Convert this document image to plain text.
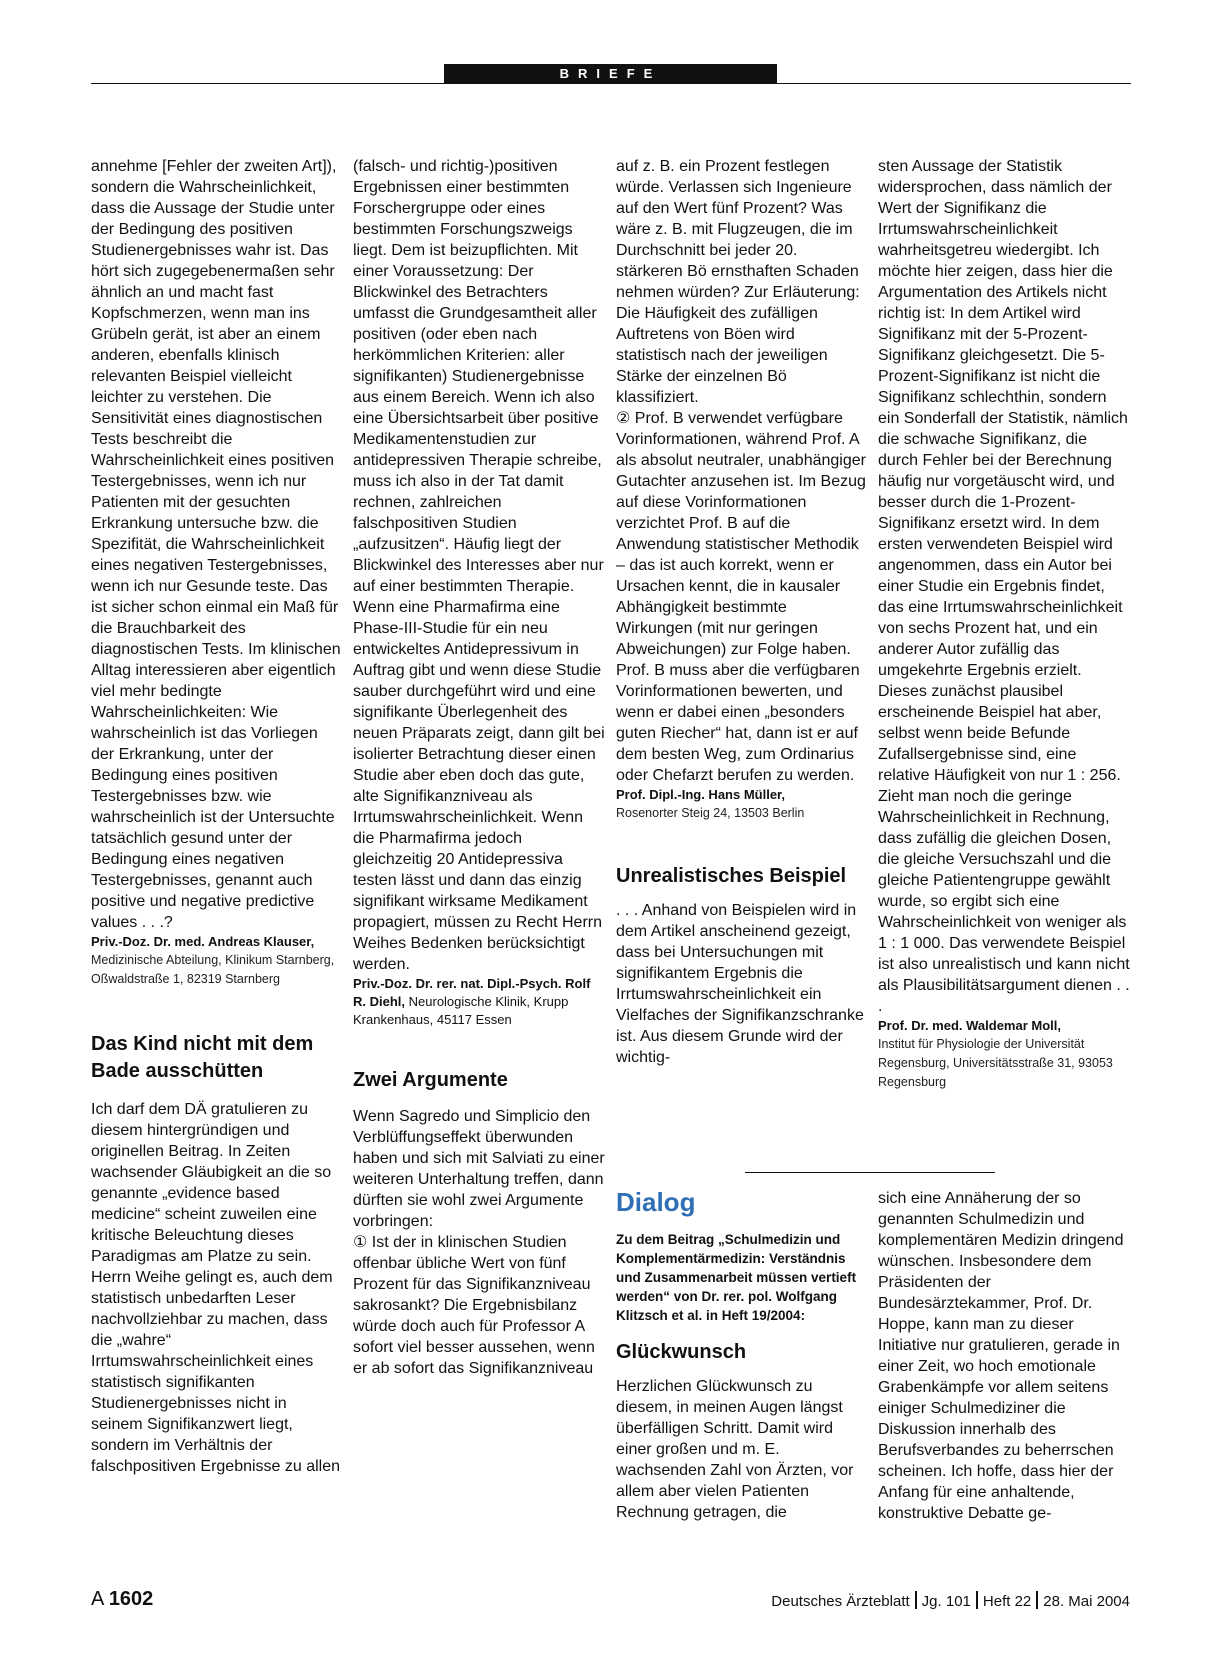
BRIEFE

annehme [Fehler der zweiten Art]), sondern die Wahrscheinlichkeit, dass die Aussage der Studie unter der Bedingung des positiven Studienergebnisses wahr ist. Das hört sich zugegebenermaßen sehr ähnlich an und macht fast Kopfschmerzen, wenn man ins Grübeln gerät, ist aber an einem anderen, ebenfalls klinisch relevanten Beispiel vielleicht leichter zu verstehen. Die Sensitivität eines diagnostischen Tests beschreibt die Wahrscheinlichkeit eines positiven Testergebnisses, wenn ich nur Patienten mit der gesuchten Erkrankung untersuche bzw. die Spezifität, die Wahrscheinlichkeit eines negativen Testergebnisses, wenn ich nur Gesunde teste. Das ist sicher schon einmal ein Maß für die Brauchbarkeit des diagnostischen Tests. Im klinischen Alltag interessieren aber eigentlich viel mehr bedingte Wahrscheinlichkeiten: Wie wahrscheinlich ist das Vorliegen der Erkrankung, unter der Bedingung eines positiven Testergebnisses bzw. wie wahrscheinlich ist der Untersuchte tatsächlich gesund unter der Bedingung eines negativen Testergebnisses, genannt auch positive und negative predictive values . . .?

Priv.-Doz. Dr. med. Andreas Klauser,

Medizinische Abteilung, Klinikum Starnberg, Oßwaldstraße 1, 82319 Starnberg

Das Kind nicht mit dem Bade ausschütten

Ich darf dem DÄ gratulieren zu diesem hintergründigen und originellen Beitrag. In Zeiten wachsender Gläubigkeit an die so genannte „evidence based medicine“ scheint zuweilen eine kritische Beleuchtung dieses Paradigmas am Platze zu sein.

Herrn Weihe gelingt es, auch dem statistisch unbedarften Leser nachvollziehbar zu machen, dass die „wahre“ Irrtumswahrscheinlichkeit eines statistisch signifikanten Studienergebnisses nicht in seinem Signifikanzwert liegt, sondern im Verhältnis der falschpositiven Ergebnisse zu allen

(falsch- und richtig-)positiven Ergebnissen einer bestimmten Forschergruppe oder eines bestimmten Forschungszweigs liegt. Dem ist beizupflichten. Mit einer Voraussetzung: Der Blickwinkel des Betrachters umfasst die Grundgesamtheit aller positiven (oder eben nach herkömmlichen Kriterien: aller signifikanten) Studienergebnisse aus einem Bereich. Wenn ich also eine Übersichtsarbeit über positive Medikamentenstudien zur antidepressiven Therapie schreibe, muss ich also in der Tat damit rechnen, zahlreichen falschpositiven Studien „aufzusitzen“. Häufig liegt der Blickwinkel des Interesses aber nur auf einer bestimmten Therapie. Wenn eine Pharmafirma eine Phase-III-Studie für ein neu entwickeltes Antidepressivum in Auftrag gibt und wenn diese Studie sauber durchgeführt wird und eine signifikante Überlegenheit des neuen Präparats zeigt, dann gilt bei isolierter Betrachtung dieser einen Studie aber eben doch das gute, alte Signifikanzniveau als Irrtumswahrscheinlichkeit. Wenn die Pharmafirma jedoch gleichzeitig 20 Antidepressiva testen lässt und dann das einzig signifikant wirksame Medikament propagiert, müssen zu Recht Herrn Weihes Bedenken berücksichtigt werden.

Priv.-Doz. Dr. rer. nat. Dipl.-Psych. Rolf R. Diehl, Neurologische Klinik, Krupp Krankenhaus, 45117 Essen

Zwei Argumente

Wenn Sagredo und Simplicio den Verblüffungseffekt überwunden haben und sich mit Salviati zu einer weiteren Unterhaltung treffen, dann dürften sie wohl zwei Argumente vorbringen:

① Ist der in klinischen Studien offenbar übliche Wert von fünf Prozent für das Signifikanzniveau sakrosankt? Die Ergebnisbilanz würde doch auch für Professor A sofort viel besser aussehen, wenn er ab sofort das Signifikanzniveau

auf z. B. ein Prozent festlegen würde. Verlassen sich Ingenieure auf den Wert fünf Prozent? Was wäre z. B. mit Flugzeugen, die im Durchschnitt bei jeder 20. stärkeren Bö ernsthaften Schaden nehmen würden? Zur Erläuterung: Die Häufigkeit des zufälligen Auftretens von Böen wird statistisch nach der jeweiligen Stärke der einzelnen Bö klassifiziert.

② Prof. B verwendet verfügbare Vorinformationen, während Prof. A als absolut neutraler, unabhängiger Gutachter anzusehen ist. Im Bezug auf diese Vorinformationen verzichtet Prof. B auf die Anwendung statistischer Methodik – das ist auch korrekt, wenn er Ursachen kennt, die in kausaler Abhängigkeit bestimmte Wirkungen (mit nur geringen Abweichungen) zur Folge haben. Prof. B muss aber die verfügbaren Vorinformationen bewerten, und wenn er dabei einen „besonders guten Riecher“ hat, dann ist er auf dem besten Weg, zum Ordinarius oder Chefarzt berufen zu werden.

Prof. Dipl.-Ing. Hans Müller,

Rosenorter Steig 24, 13503 Berlin

Unrealistisches Beispiel

. . . Anhand von Beispielen wird in dem Artikel anscheinend gezeigt, dass bei Untersuchungen mit signifikantem Ergebnis die Irrtumswahrscheinlichkeit ein Vielfaches der Signifikanzschranke ist. Aus diesem Grunde wird der wichtig-

sten Aussage der Statistik widersprochen, dass nämlich der Wert der Signifikanz die Irrtumswahrscheinlichkeit wahrheitsgetreu wiedergibt. Ich möchte hier zeigen, dass hier die Argumentation des Artikels nicht richtig ist: In dem Artikel wird Signifikanz mit der 5-Prozent-Signifikanz gleichgesetzt. Die 5-Prozent-Signifikanz ist nicht die Signifikanz schlechthin, sondern ein Sonderfall der Statistik, nämlich die schwache Signifikanz, die durch Fehler bei der Berechnung häufig nur vorgetäuscht wird, und besser durch die 1-Prozent-Signifikanz ersetzt wird. In dem ersten verwendeten Beispiel wird angenommen, dass ein Autor bei einer Studie ein Ergebnis findet, das eine Irrtumswahrscheinlichkeit von sechs Prozent hat, und ein anderer Autor zufällig das umgekehrte Ergebnis erzielt. Dieses zunächst plausibel erscheinende Beispiel hat aber, selbst wenn beide Befunde Zufallsergebnisse sind, eine relative Häufigkeit von nur 1 : 256. Zieht man noch die geringe Wahrscheinlichkeit in Rechnung, dass zufällig die gleichen Dosen, die gleiche Versuchszahl und die gleiche Patientengruppe gewählt wurde, so ergibt sich eine Wahrscheinlichkeit von weniger als 1 : 1 000. Das verwendete Beispiel ist also unrealistisch und kann nicht als Plausibilitätsargument dienen . . .

Prof. Dr. med. Waldemar Moll,

Institut für Physiologie der Universität Regensburg, Universitätsstraße 31, 93053 Regensburg

Dialog

Zu dem Beitrag „Schulmedizin und Komplementärmedizin: Verständnis und Zusammenarbeit müssen vertieft werden“ von Dr. rer. pol. Wolfgang Klitzsch et al. in Heft 19/2004:

Glückwunsch

Herzlichen Glückwunsch zu diesem, in meinen Augen längst überfälligen Schritt. Damit wird einer großen und m. E. wachsenden Zahl von Ärzten, vor allem aber vielen Patienten Rechnung getragen, die

sich eine Annäherung der so genannten Schulmedizin und komplementären Medizin dringend wünschen. Insbesondere dem Präsidenten der Bundesärztekammer, Prof. Dr. Hoppe, kann man zu dieser Initiative nur gratulieren, gerade in einer Zeit, wo hoch emotionale Grabenkämpfe vor allem seitens einiger Schulmediziner die Diskussion innerhalb des Berufsverbandes zu beherrschen scheinen. Ich hoffe, dass hier der Anfang für eine anhaltende, konstruktive Debatte ge-

A 1602	Deutsches Ärzteblatt Jg. 101 Heft 22 28. Mai 2004
